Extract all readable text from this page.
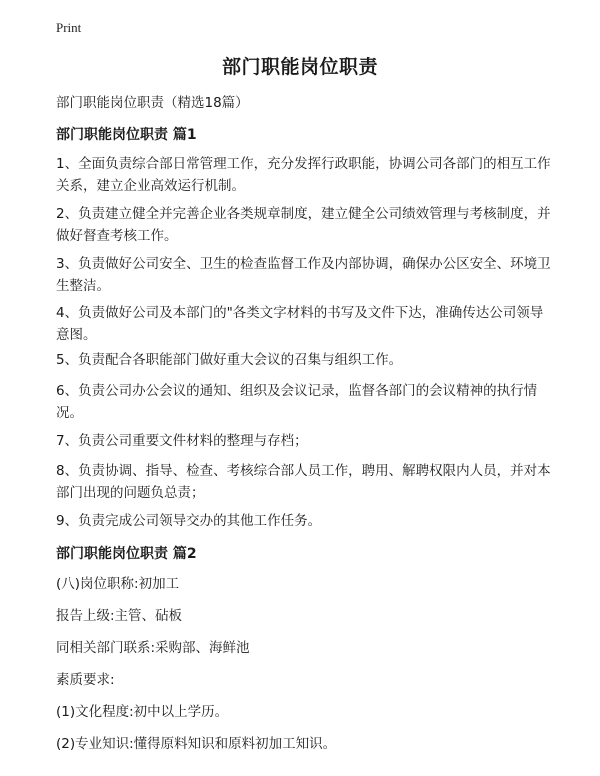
Print
部门职能岗位职责
部门职能岗位职责（精选18篇）
部门职能岗位职责 篇1
1、全面负责综合部日常管理工作，充分发挥行政职能，协调公司各部门的相互工作关系，建立企业高效运行机制。
2、负责建立健全并完善企业各类规章制度，建立健全公司绩效管理与考核制度，并做好督查考核工作。
3、负责做好公司安全、卫生的检查监督工作及内部协调，确保办公区安全、环境卫生整洁。
4、负责做好公司及本部门的"各类文字材料的书写及文件下达，准确传达公司领导意图。
5、负责配合各职能部门做好重大会议的召集与组织工作。
6、负责公司办公会议的通知、组织及会议记录，监督各部门的会议精神的执行情况。
7、负责公司重要文件材料的整理与存档；
8、负责协调、指导、检查、考核综合部人员工作，聘用、解聘权限内人员，并对本部门出现的问题负总责；
9、负责完成公司领导交办的其他工作任务。
部门职能岗位职责 篇2
(八)岗位职称:初加工
报告上级:主管、砧板
同相关部门联系:采购部、海鲜池
素质要求:
(1)文化程度:初中以上学历。
(2)专业知识:懂得原料知识和原料初加工知识。
